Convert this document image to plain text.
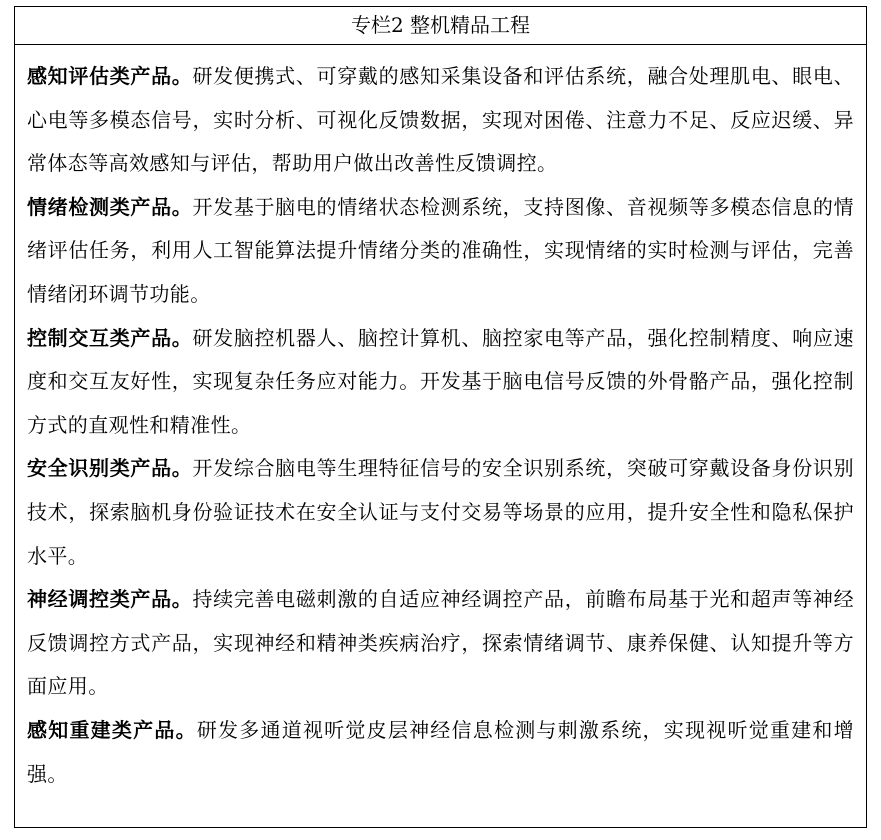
专栏2 整机精品工程

感知评估类产品。研发便携式、可穿戴的感知采集设备和评估系统，融合处理肌电、眼电、心电等多模态信号，实时分析、可视化反馈数据，实现对困倦、注意力不足、反应迟缓、异常体态等高效感知与评估，帮助用户做出改善性反馈调控。

情绪检测类产品。开发基于脑电的情绪状态检测系统，支持图像、音视频等多模态信息的情绪评估任务，利用人工智能算法提升情绪分类的准确性，实现情绪的实时检测与评估，完善情绪闭环调节功能。

控制交互类产品。研发脑控机器人、脑控计算机、脑控家电等产品，强化控制精度、响应速度和交互友好性，实现复杂任务应对能力。开发基于脑电信号反馈的外骨骼产品，强化控制方式的直观性和精准性。

安全识别类产品。开发综合脑电等生理特征信号的安全识别系统，突破可穿戴设备身份识别技术，探索脑机身份验证技术在安全认证与支付交易等场景的应用，提升安全性和隐私保护水平。

神经调控类产品。持续完善电磁刺激的自适应神经调控产品，前瞻布局基于光和超声等神经反馈调控方式产品，实现神经和精神类疾病治疗，探索情绪调节、康养保健、认知提升等方面应用。

感知重建类产品。研发多通道视听觉皮层神经信息检测与刺激系统，实现视听觉重建和增强。
